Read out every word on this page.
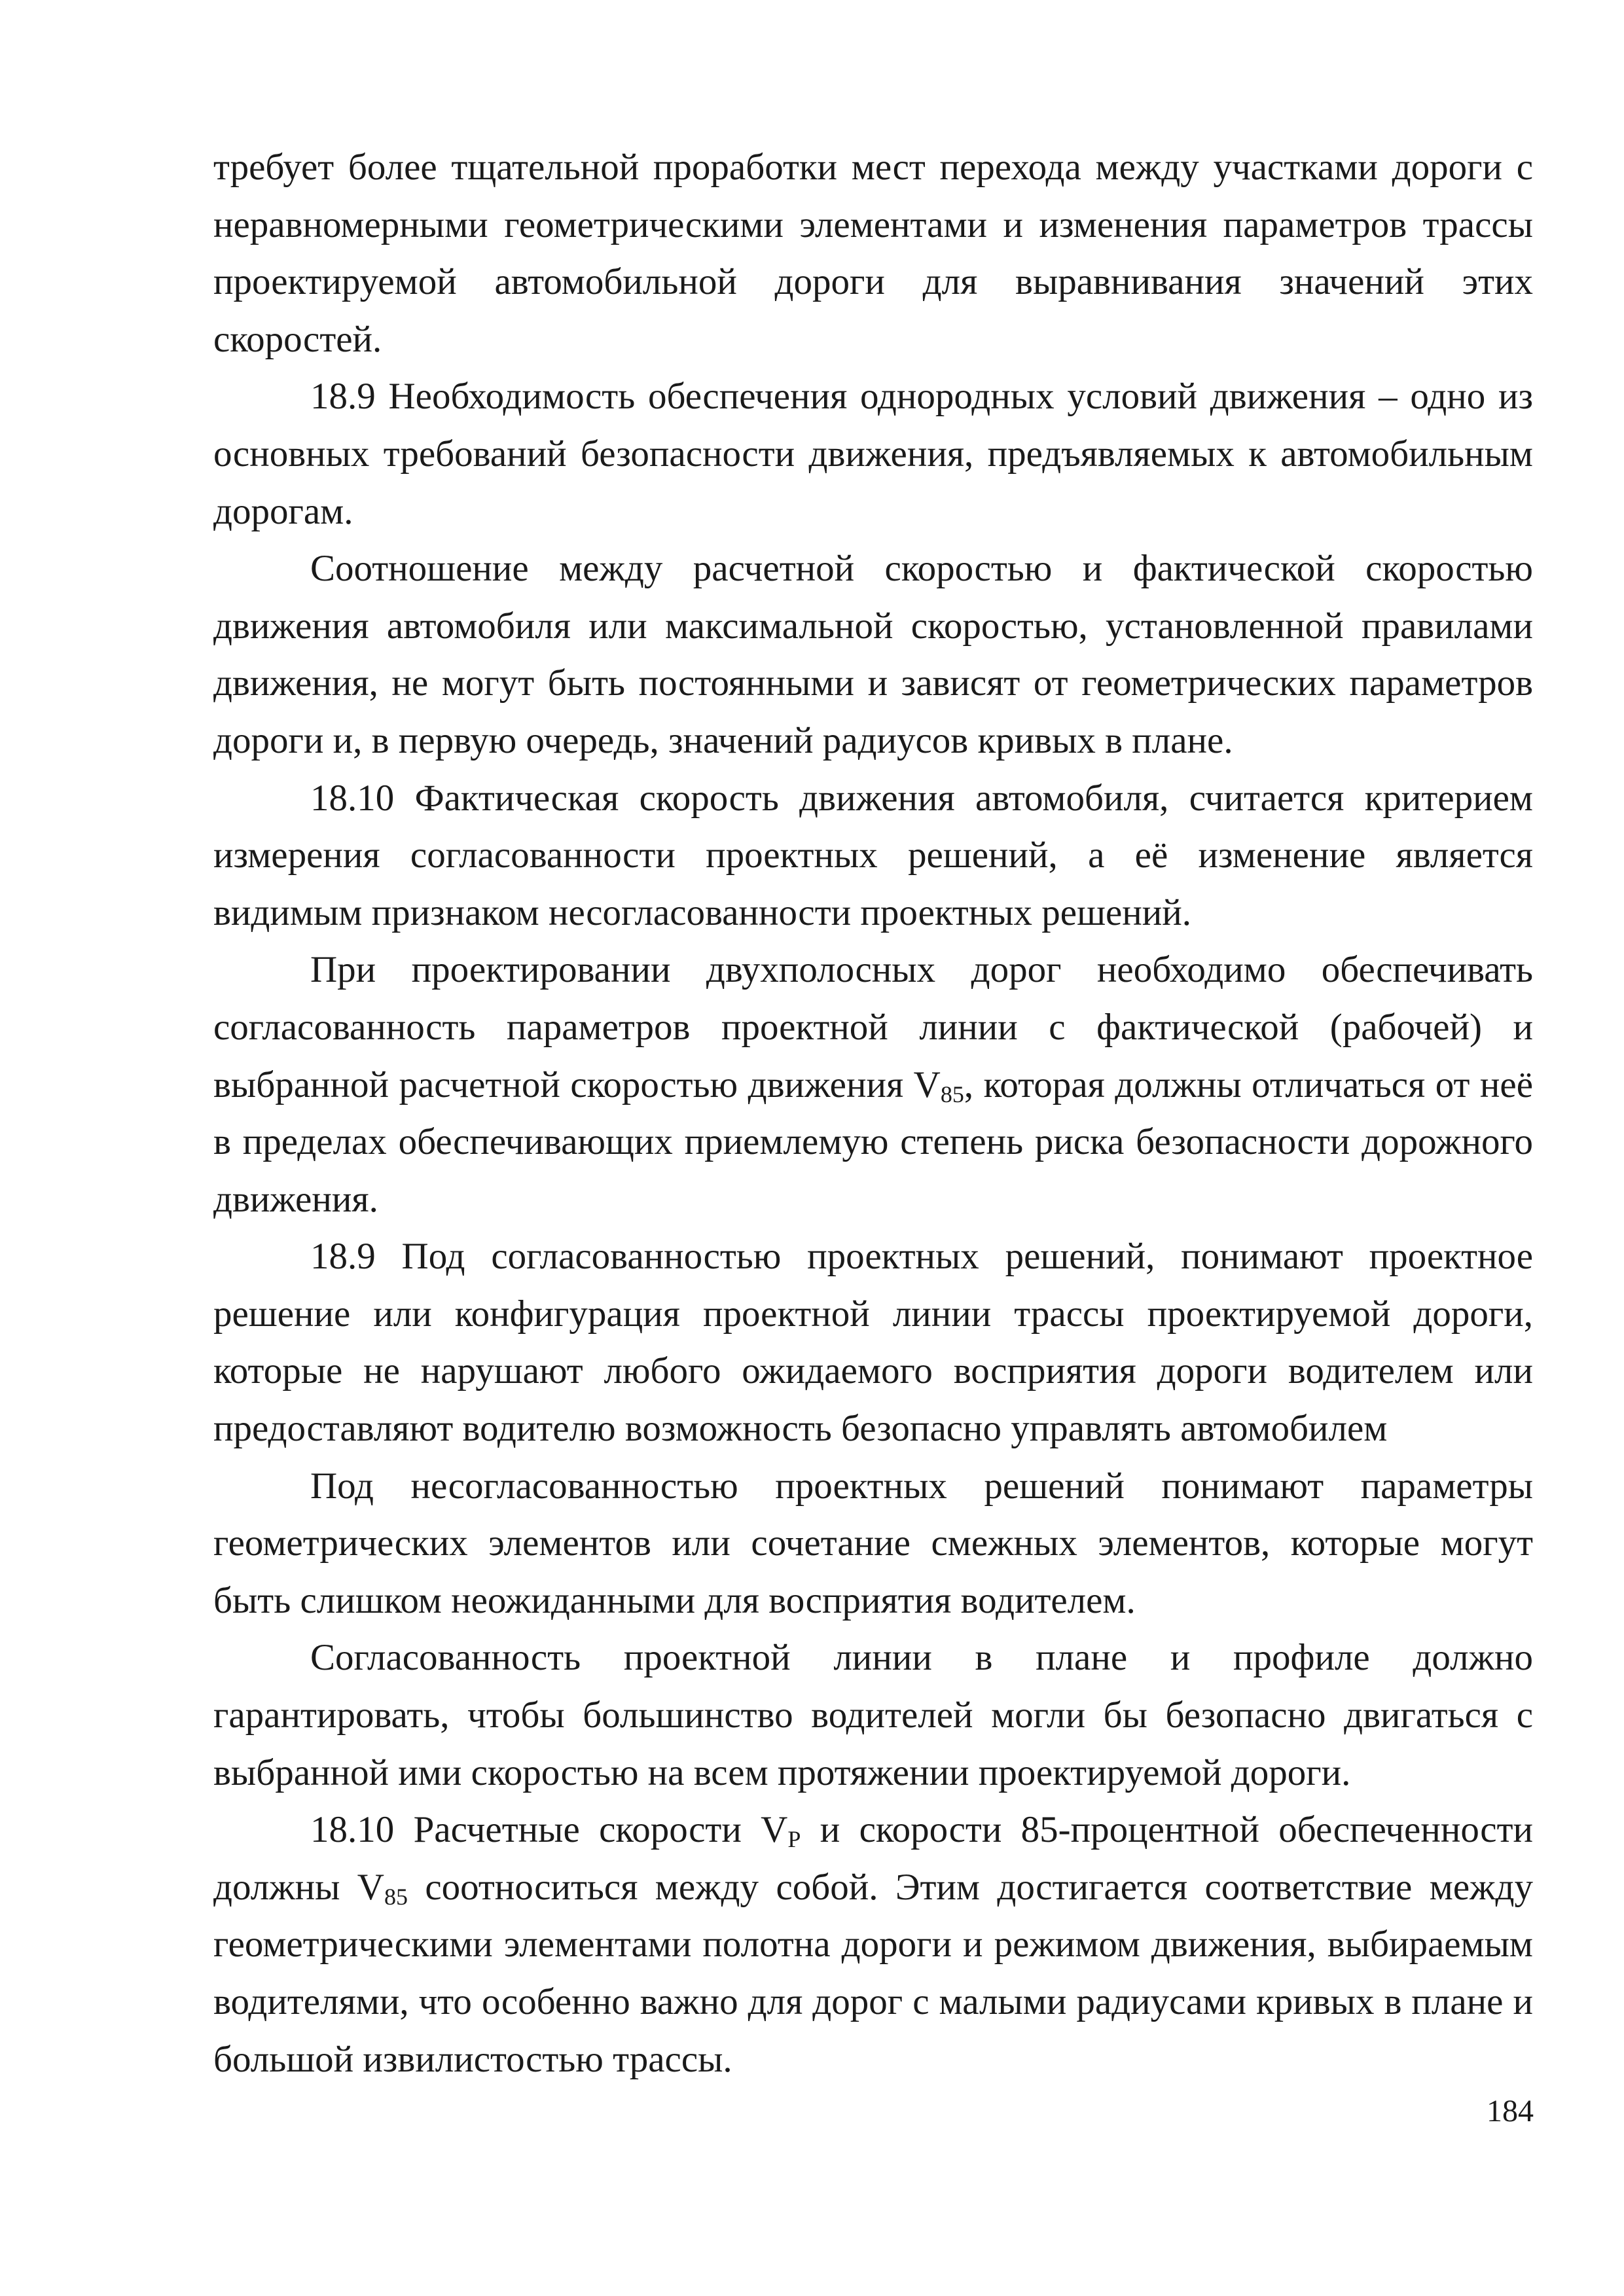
требует более тщательной проработки мест перехода между участками дороги с неравномерными геометрическими элементами и изменения параметров трассы проектируемой автомобильной дороги для выравнивания значений этих скоростей.

18.9 Необходимость обеспечения однородных условий движения – одно из основных требований безопасности движения, предъявляемых к автомобильным дорогам.

Соотношение между расчетной скоростью и фактической скоростью движения автомобиля или максимальной скоростью, установленной правилами движения, не могут быть постоянными и зависят от геометрических параметров дороги и, в первую очередь, значений радиусов кривых в плане.

18.10 Фактическая скорость движения автомобиля, считается критерием измерения согласованности проектных решений, а её изменение является видимым признаком несогласованности проектных решений.

При проектировании двухполосных дорог необходимо обеспечивать согласованность параметров проектной линии с фактической (рабочей) и выбранной расчетной скоростью движения $V_{85}$, которая должны отличаться от неё в пределах обеспечивающих приемлемую степень риска безопасности дорожного движения.

18.9 Под согласованностью проектных решений, понимают проектное решение или конфигурация проектной линии трассы проектируемой дороги, которые не нарушают любого ожидаемого восприятия дороги водителем или предоставляют водителю возможность безопасно управлять автомобилем

Под несогласованностью проектных решений понимают параметры геометрических элементов или сочетание смежных элементов, которые могут быть слишком неожиданными для восприятия водителем.

Согласованность проектной линии в плане и профиле должно гарантировать, чтобы большинство водителей могли бы безопасно двигаться с выбранной ими скоростью на всем протяжении проектируемой дороги.

18.10 Расчетные скорости $V_P$ и скорости 85-процентной обеспеченности должны $V_{85}$ соотноситься между собой. Этим достигается соответствие между геометрическими элементами полотна дороги и режимом движения, выбираемым водителями, что особенно важно для дорог с малыми радиусами кривых в плане и большой извилистостью трассы.

184
